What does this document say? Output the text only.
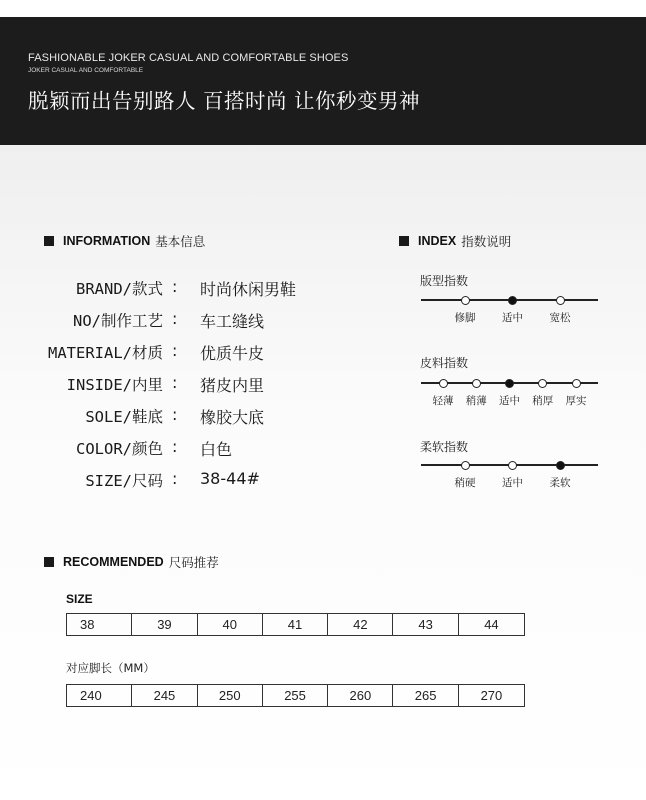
FASHIONABLE JOKER CASUAL AND COMFORTABLE SHOES
JOKER CASUAL AND COMFORTABLE
脱颖而出告别路人 百搭时尚 让你秒变男神
INFORMATION 基本信息
BRAND/款式 : 时尚休闲男鞋
NO/制作工艺 : 车工缝线
MATERIAL/材质 : 优质牛皮
INSIDE/内里 : 猪皮内里
SOLE/鞋底 : 橡胶大底
COLOR/颜色 : 白色
SIZE/尺码 : 38-44#
INDEX 指数说明
版型指数
修脚	适中	宽松
皮料指数
轻薄 稍薄 适中 稍厚 厚实
柔软指数
稍硬	适中	柔软
RECOMMENDED 尺码推荐
SIZE
38	39	40	41	42	43	44
对应脚长（MM）
240	245	250	255	260	265	270
